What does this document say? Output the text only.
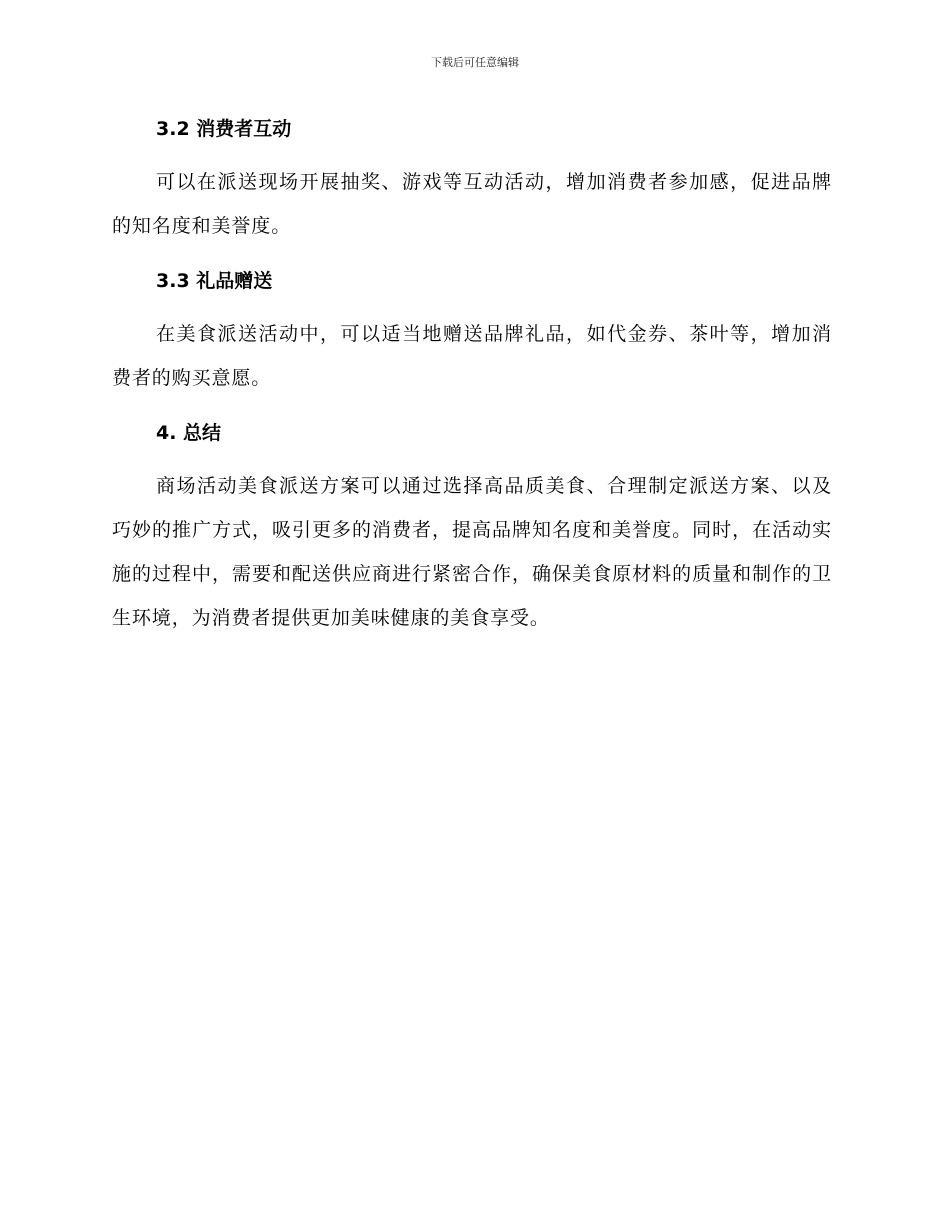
下载后可任意编辑
3.2 消费者互动

可以在派送现场开展抽奖、游戏等互动活动，增加消费者参加感，促进品牌的知名度和美誉度。

3.3 礼品赠送

在美食派送活动中，可以适当地赠送品牌礼品，如代金券、茶叶等，增加消费者的购买意愿。

4. 总结

商场活动美食派送方案可以通过选择高品质美食、合理制定派送方案、以及巧妙的推广方式，吸引更多的消费者，提高品牌知名度和美誉度。同时，在活动实施的过程中，需要和配送供应商进行紧密合作，确保美食原材料的质量和制作的卫生环境，为消费者提供更加美味健康的美食享受。
